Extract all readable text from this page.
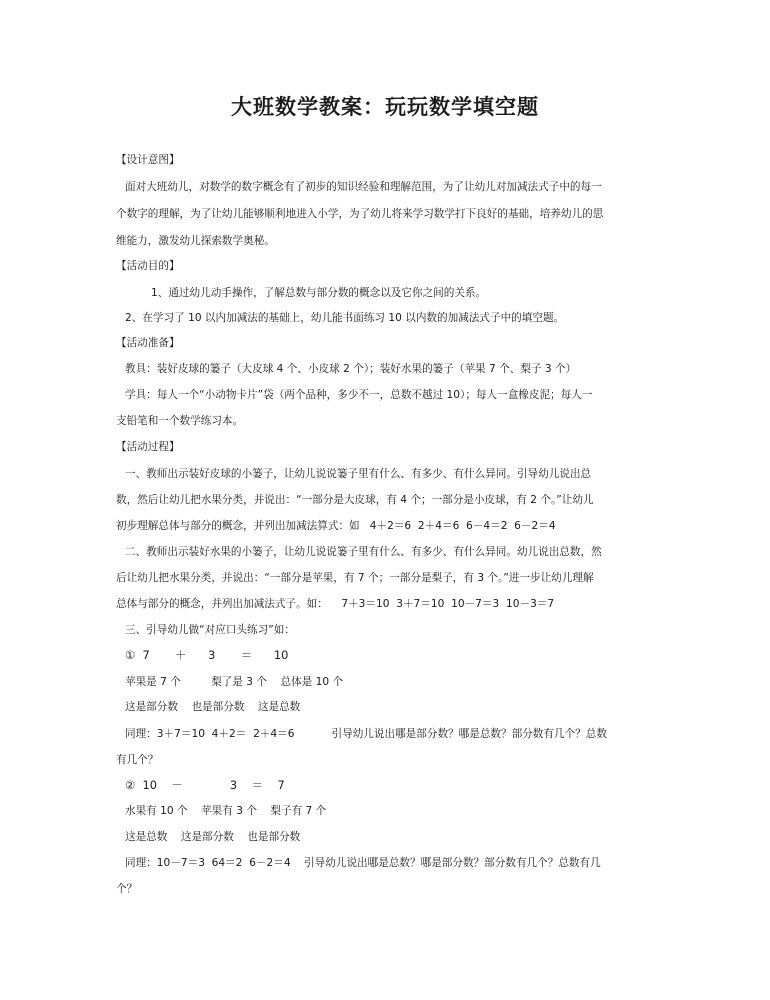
大班数学教案：玩玩数学填空题
【设计意图】
面对大班幼儿，对数学的数字概念有了初步的知识经验和理解范围，为了让幼儿对加减法式子中的每一
个数字的理解，为了让幼儿能够顺利地进入小学，为了幼儿将来学习数学打下良好的基础，培养幼儿的思
维能力，激发幼儿探索数学奥秘。
【活动目的】
1、通过幼儿动手操作，了解总数与部分数的概念以及它你之间的关系。
2、在学习了 10 以内加减法的基础上，幼儿能书面练习 10 以内数的加减法式子中的填空题。
【活动准备】
教具：装好皮球的篓子（大皮球 4 个、小皮球 2 个）；装好水果的篓子（苹果 7 个、梨子 3 个）
学具：每人一个“小动物卡片”袋（两个品种，多少不一，总数不越过 10）；每人一盒橡皮泥；每人一
支铅笔和一个数学练习本。
【活动过程】
一、教师出示装好皮球的小篓子，让幼儿说说篓子里有什么、有多少、有什么异同。引导幼儿说出总
数，然后让幼儿把水果分类，并说出：“一部分是大皮球，有 4 个；一部分是小皮球，有 2 个。”让幼儿
初步理解总体与部分的概念，并列出加减法算式：如   4＋2＝6  2＋4＝6  6－4＝2  6－2＝4
二、教师出示装好水果的小篓子，让幼儿说说篓子里有什么、有多少、有什么异同。幼儿说出总数，然
后让幼儿把水果分类，并说出：“一部分是苹果，有 7 个；一部分是梨子，有 3 个。”进一步让幼儿理解
总体与部分的概念，并列出加减法式子。如：    7＋3＝10  3＋7＝10  10－7＝3  10－3＝7
三、引导幼儿做“对应口头练习”如：
①  7       ＋      3       ＝      10
苹果是 7 个         梨了是 3 个    总体是 10 个
这是部分数    也是部分数    这是总数
同理：3＋7＝10  4＋2＝  2＋4＝6           引导幼儿说出哪是部分数？哪是总数？部分数有几个？总数
有几个？
②  10    －             3    ＝    7
水果有 10 个    苹果有 3 个    梨子有 7 个
这是总数    这是部分数    也是部分数
同理：10－7＝3  64＝2  6－2＝4    引导幼儿说出哪是总数？哪是部分数？部分数有几个？总数有几
个？
